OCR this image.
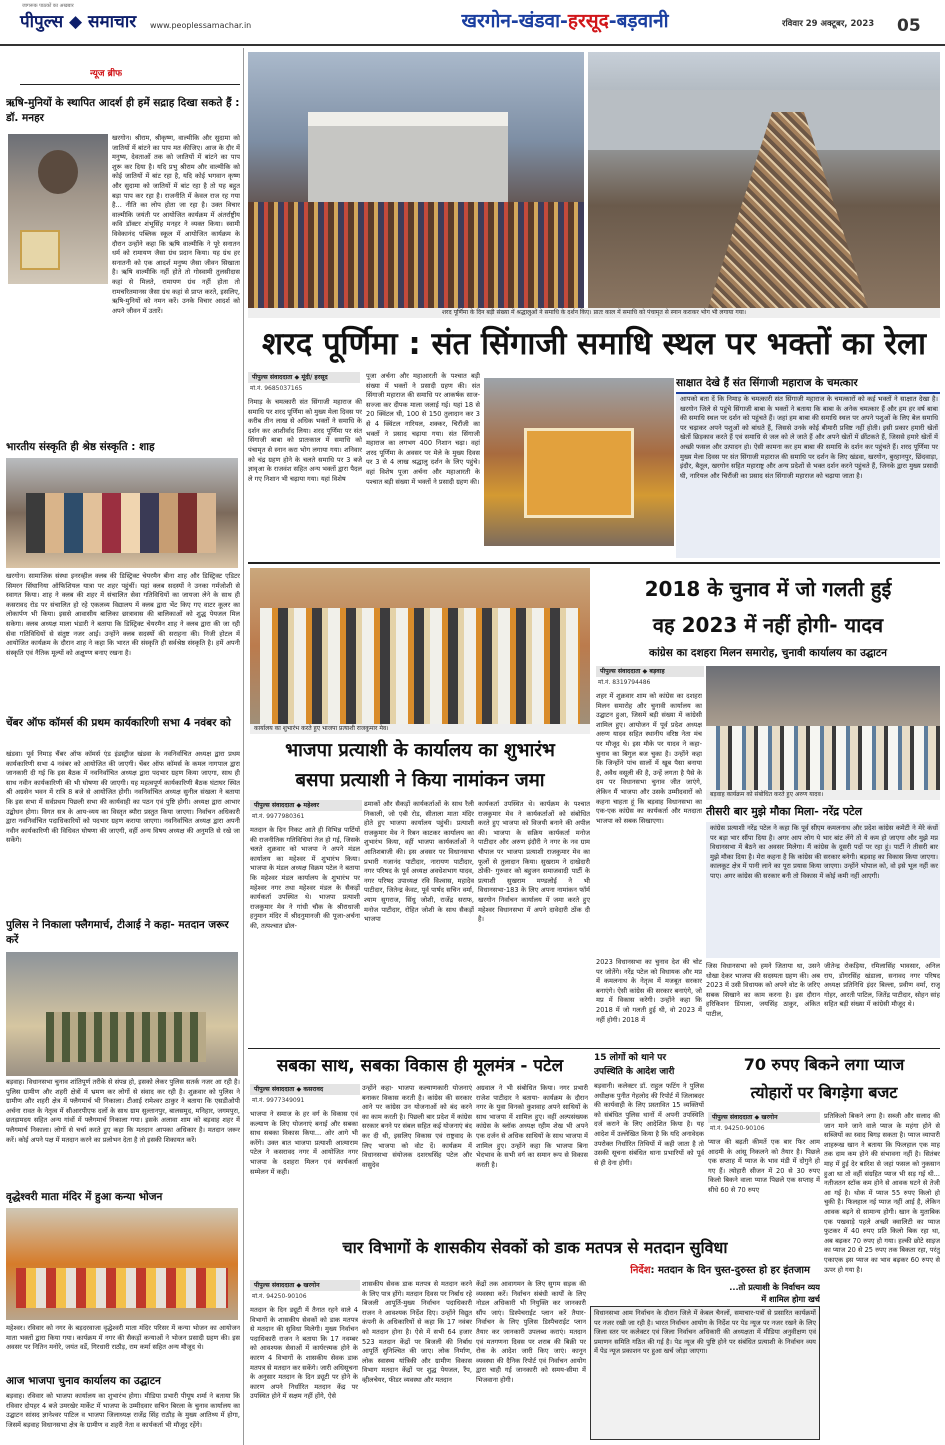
जागरूक पाठकों का अखबार
पीपुल्स ◆ समाचार	www.peoplessamachar.in	खरगोन-खंडवा-हरसूद-बड़वानी	रविवार 29 अक्टूबर, 2023 05
न्यूज ब्रीफ
ऋषि-मुनियों के स्थापित आदर्श ही हमें सद्राह दिखा सकते हैं : डॉ. मनहर
खरगोन। श्रीराम, श्रीकृष्ण, वाल्मीकि और सुदामा को जातियों में बांटने का पाप मत कीजिए। आज के दौर में मनुष्य, देवताओं तक को जातियों में बांटने का पाप शुरू कर दिया है। यदि प्रभु श्रीराम और वाल्मीकि को कोई जातियों में बांट रहा है, यदि कोई भगवान कृष्ण और सुदामा को जातियों में बांट रहा है तो यह बहुत बड़ा पाप कर रहा है। राजनीति में केवल राज रह गया है... नीति का लोप होता जा रहा है। उक्त विचार वाल्मीकि जयंती पर आयोजित कार्यक्रम में अंतर्राष्ट्रीय कवि डॉक्टर शंभूसिंह मनहर ने व्यक्त किया। स्वामी विवेकानंद पब्लिक स्कूल में आयोजित कार्यक्रम के दौरान उन्होंने कहा कि ऋषि वाल्मीकि ने पूरे सनातन धर्म को रामायण जैसा ग्रंथ प्रदान किया। यह ग्रंथ हर सनातनी को एक आदर्श मनुष्य जैसा जीवन सिखाता है। ऋषि वाल्मीकि नहीं होते तो गोस्वामी तुलसीदास कहां से मिलते, रामायण ग्रंथ नहीं होता तो रामचरितमानस जैसा ग्रंथ कहां से प्राप्त करते, इसलिए, ऋषि-मुनियों को नमन करें। उनके विचार आदर्श को अपने जीवन में उतारें।
भारतीय संस्कृति ही श्रेष्ठ संस्कृति : शाह
खरगोन। सामाजिक संस्था इनरव्हील क्लब की डिस्ट्रिक्ट चेयरमैन बीना शाह और डिस्ट्रिक्ट एडिटर सिमरन सिंघानिया ऑफिशियल यात्रा पर शहर पहुंचीं। यहां क्लब सदस्यों ने उनका गर्मजोशी से स्वागत किया। शाह ने क्लब की शहर में संचालित सेवा गतिविधियों का जायजा लेने के साथ ही कसरावद रोड पर संचालित हो रहे एकलव्य विद्यालय में क्लब द्वारा भेंट किए गए वाटर कूलर का लोकार्पण भी किया। इससे आवासीय बालिका छात्रावास की बालिकाओं को शुद्ध पेयजल मिल सकेगा। क्लब अध्यक्ष माला भंडारी ने बताया कि डिस्ट्रिक्ट चेयरमैन शाह ने क्लब द्वारा की जा रही सेवा गतिविधियों से संतुष्ट नजर आईं। उन्होंने क्लब सदस्यों की सराहना की। निजी होटल में आयोजित कार्यक्रम के दौरान शाह ने कहा कि भारत की संस्कृति ही सर्वश्रेष्ठ संस्कृति है। हमें अपनी संस्कृति एवं नैतिक मूल्यों को अक्षुण्ण बनाए रखना है।
चेंबर ऑफ कॉमर्स की प्रथम कार्यकारिणी सभा 4 नवंबर को
खंडवा। पूर्व निमाड़ चैंबर ऑफ कॉमर्स एंड इंडस्ट्रीज खंडवा के नवनिर्वाचित अध्यक्ष द्वारा प्रथम कार्यकारिणी सभा 4 नवंबर को आयोजित की जाएगी। चेंबर ऑफ कॉमर्स के कमल नागपाल द्वारा जानकारी दी गई कि इस बैठक में नवनिर्वाचित अध्यक्ष द्वारा पदभार ग्रहण किया जाएगा, साथ ही साथ नवीन कार्यकारिणी की भी घोषणा की जाएगी। यह महत्वपूर्ण कार्यकारिणी बैठक घंटाघर स्थित श्री अग्रसेन भवन में रात्रि 8 बजे से आयोजित होगी। नवनिर्वाचित अध्यक्ष सुनील संखला ने बताया कि इस सभा में सर्वप्रथम पिछली सभा की कार्यवाही का पठन एवं पुष्टि होगी। अध्यक्ष द्वारा आभार उद्बोधन होगा। विगत सत्र के आय-व्यय का विस्तृत ब्यौरा प्रस्तुत किया जाएगा। निर्वाचन अधिकारी द्वारा नवनिर्वाचित पदाधिकारियों को पदभार ग्रहण कराया जाएगा। नवनिर्वाचित अध्यक्ष द्वारा अपनी नवीन कार्यकारिणी की विधिवत घोषणा की जाएगी, वहीं अन्य विषय अध्यक्ष की अनुमति से रखे जा सकेंगे।
पुलिस ने निकाला फ्लैगमार्च, टीआई ने कहा- मतदान जरूर करें
बड़वाह। विधानसभा चुनाव शांतिपूर्ण तरीके से संपन्न हो, इसको लेकर पुलिस सतर्क नजर आ रही है। पुलिस ग्रामीण और शहरी क्षेत्रों में भ्रमण कर लोगों से संवाद कर रही है। शुक्रवार को पुलिस ने ग्रामीण और शहरी क्षेत्र में फ्लैगमार्च भी निकाला। टीआई रामेश्वर ठाकुर ने बताया कि एसडीओपी अर्चना रावत के नेतृत्व में सीआरपीएफ दलों के साथ ग्राम सुल्तानपुर, बालसमुद, मनिहार, जगमपुरा, छतड़ामदय सहित अन्य गांवों में फ्लैगमार्च निकाला गया। इसके अलावा शाम को बड़वाह शहर में फ्लैगमार्च निकाला। लोगों से चर्चा करते हुए कहा कि मतदान आपका अधिकार है। मतदान जरूर करें। कोई अपने पक्ष में मतदान करने का प्रलोभन देता है तो इसकी शिकायत करें।
वृद्धेश्वरी माता मंदिर में हुआ कन्या भोजन
महेश्वर। रविवार को नगर के बड़दरवाजा वृद्धेश्वरी माता मंदिर परिसर में कन्या भोजन का आयोजन माता भक्तों द्वारा किया गया। कार्यक्रम में नगर की सैकड़ों कन्याओं ने भोजन प्रसादी ग्रहण की। इस अवसर पर नितिन मनोरे, जयंत वर्डे, गिरधारी राठौड़, राम कर्मा सहित अन्य मौजूद थे।
आज भाजपा चुनाव कार्यालय का उद्घाटन
बड़वाह। रविवार को भाजपा कार्यालय का शुभारंभ होगा। मीडिया प्रभारी पीयूष शर्मा ने बताया कि रविवार दोपहर 4 बजे उमरखेर मार्केट में भाजपा के उम्मीदवार सचिन बिरला के चुनाव कार्यालय का उद्घाटन सांसद ज्ञानेश्वर पाटिल व भाजपा जिलाध्यक्ष राजेंद्र सिंह राठौड़ के मुख्य आतिथ्य में होगा, जिसमें बड़वाह विधानसभा क्षेत्र के ग्रामीण व शहरी नेता व कार्यकर्ता भी मौजूद रहेंगे।
शरद पूर्णिमा के दिन बड़ी संख्या में श्रद्धालुओं ने समाधि के दर्शन किए। प्रातः काल में समाधि को पंचामृत से स्नान कराकर भोग भी लगाया गया।
शरद पूर्णिमा : संत सिंगाजी समाधि स्थल पर भक्तों का रेला
पीपुल्स संवाददाता ◆ मूंदी/ हरसूद
मो.नं. 9685037165
निमाड़ के चमत्कारी संत सिंगाजी महाराज की समाधि पर शरद पूर्णिमा को मुख्य मेला दिवस पर करीब तीन लाख से अधिक भक्तों ने समाधि के दर्शन कर आशीर्वाद लिया। शरद पूर्णिमा पर संत सिंगाजी बाबा को प्रातःकाल में समाधि को पंचामृत से स्नान करा भोग लगाया गया। शनिवार को चंद्र ग्रहण होने के चलते समाधि पर 3 बजे ज्ञावृआ के राजवंश सहित अन्य भक्तों द्वारा पैदल ले गए निशान भी चढ़ाया गया। यहां विशेष
पूजा अर्चना और महाआरती के पश्चात बड़ी संख्या में भक्तों ने प्रसादी ग्रहण की। संत सिंगाजी महाराज की समाधि पर आकर्षक साज-सज्जा कर दीपक माला जलाई गई। यहां 18 से 20 क्विंटल घी, 100 से 150 तुलादान कर 3 से 4 क्विंटल नारियल, शक्कर, चिरौंजी का भक्तों ने प्रसाद चढ़ाया गया। संत सिंगाजी महाराज का लगभग 400 निशान चढ़ा। वहां शरद पूर्णिमा के अवसर पर मेले के मुख्य दिवस पर 3 से 4 लाख श्रद्धालु दर्शन के लिए पहुंचे। वहां विशेष पूजा अर्चना और महाआरती के पश्चात बड़ी संख्या में भक्तों ने प्रसादी ग्रहण की।
साक्षात देखे हैं संत सिंगाजी महाराज के चमत्कार
आपको बता दें कि निमाड़ के चमत्कारी संत सिंगाजी महाराज के चमत्कारों को कई भक्तों ने साक्षात देखा है। खरगोन जिले से पहुंचे सिंगाजी बाबा के भक्तों ने बताया कि बाबा के अनेक चमत्कार हैं और हम हर वर्ष बाबा की समाधि स्थल पर दर्शन को पहुंचते हैं। जहां हम बाबा की समाधि स्थल पर अपने पशुओं के लिए बेल समाधि पर चढ़ाकर अपने पशुओं को बांधते हैं, जिससे उनके कोई बीमारी प्रविष्ट नहीं होती। इसी प्रकार हमारी खेतों खेतों छिड़काव करते हैं एवं समाधि से जल को ले जाते हैं और अपने खेतों में छींटकते हैं, जिससे हमारे खेतों में अच्छी फसल और उत्पादन हो। ऐसी कामना कर हम बाबा की समाधि के दर्शन कर पहुंचते हैं। शरद पूर्णिमा पर मुख्य मेला दिवस पर संत सिंगाजी महाराज की समाधि पर दर्शन के लिए खंडवा, खरगोन, बुरहानपुर, छिंदवाड़ा, इंदौर, बैतूल, खरगोन सहित महाराष्ट्र और अन्य प्रदेशों से भक्त दर्शन करने पहुंचते हैं, जिनके द्वारा मुख्य प्रसादी घी, नारियल और चिरौंजी का प्रसाद संत सिंगाजी महाराज को चढ़ाया जाता है।
कार्यालय का शुभारंभ करते हुए भाजपा प्रत्याशी राजकुमार मेव।
भाजपा प्रत्याशी के कार्यालय का शुभारंभ
बसपा प्रत्याशी ने किया नामांकन जमा
पीपुल्स संवाददाता ◆ महेश्वर
मो.नं. 9977980361
मतदान के दिन निकट आते ही विभिन्न पार्टियों की राजनीतिक गतिविधियां तेज हो गई, जिसके चलते शुक्रवार को भाजपा ने अपने मंडल कार्यालय का महेश्वर में शुभारंभ किया। भाजपा के मंडल अध्यक्ष विक्रम पटेल ने बताया कि महेश्वर मंडल कार्यालय के शुभारंभ पर महेश्वर नगर तथा महेश्वर मंडल के सैकड़ों कार्यकर्ता उपस्थित थे। भाजपा प्रत्याशी राजकुमार मेव ने गांधी चौक के श्रीराधाजी हनुमान मंदिर में श्रीदनुमानजी की पूजा-अर्चना की, तत्पश्चात ढोल-
ढमाकों और सैकड़ों कार्यकर्ताओं के साथ रैली निकाली, जो एबी रोड, सीताला माता मंदिर होते हुए भाजपा कार्यालय पहुंची। प्रत्याशी राजकुमार मेव ने रिबन काटकर कार्यालय का शुभारंभ किया, वहीं भाजपा कार्यकर्ताओं ने आतिशबाजी की। इस अवसर पर विधानसभा प्रभारी गजानंद पाटीदार, नारायण पाटीदार, नगर परिषद के पूर्व अध्यक्ष अवधेशभाग यादव, नगर परिषद उपाध्यक्ष रवि विश्वास, महादेव पाटीदार, जितेन्द्र केवट, पूर्व पार्षद सचिन वर्मा, श्याम सुगराज, सिंधु जोशी, राजेंद्र सराफ, मनोज पाटीदार, रोहित जोशी के साथ सैकड़ों भाजपा
कार्यकर्ता उपस्थित थे। कार्यक्रम के पश्चात राजकुमार मेव ने कार्यकर्ताओं को संबोधित करते हुए भाजपा को विजयी बनाने की अपील की। भाजपा के सक्रिय कार्यकर्ता मनोज पाटीदार और अरुण इंदौरी ने नगर के नव ग्राम चौपाल पर भाजपा प्रत्याशी राजकुमार मेव का फूलों से तुलादान किया। सुखराम ने दाखेदारी ठोकी- गुरुवार को बहुजन समाजवादी पार्टी के प्रत्याशी सुखराम मण्डलोई ने भी विधानसभा-183 के लिए अपना नामांकन फॉर्म खरगोन निर्वाचन कार्यालय में जमा करते हुए महेश्वर विधानसभा में अपने दावेदारी ठोंक दी है।
2018 के चुनाव में जो गलती हुई
वह 2023 में नहीं होगी- यादव
कांग्रेस का दशहरा मिलन समारोह, चुनावी कार्यालय का उद्घाटन
पीपुल्स संवाददाता ◆ बड़वाह
मो.नं. 8319794486
शहर में शुक्रवार शाम को कांग्रेस का दशहरा मिलन समारोह और चुनावी कार्यालय का उद्घाटन हुआ, जिसमें बड़ी संख्या में कांग्रेसी शामिल हुए। आयोजन में पूर्व प्रदेश अध्यक्ष अरुण यादव सहित स्थानीय वरिष्ठ नेता मंच पर मौजूद थे। इस मौके पर यादव ने कहा- चुनाव का बिगुल बज चुका है। उन्होंने कहा कि जिन्होंने पांच सालों में खूब पैसा बनाया है, अवैध वसूली की है, उन्हें लगता है पैसे के दम पर विधानसभा चुनाव जीत जाएंगे, लेकिन मैं भाजपा और उसके उम्मीदवारों को कहना चाहता हूं कि बड़वाह विधानसभा का एक-एक कांग्रेस का कार्यकर्ता और मतदाता भाजपा को सबक सिखाएगा।
बड़वाह कार्यक्रम को संबोधित करते हुए अरुण यादव।
तीसरी बार मुझे मौका मिला- नरेंद्र पटेल
कांग्रेस प्रत्याशी नरेंद्र पटेल ने कहा कि पूर्व सीएम कमलनाथ और प्रदेश कांग्रेस कमेटी ने मेरे कंधों पर बड़ा भार सौंपा दिया है। अगर आप लोग ये भार बांट लेंगे तो ये कम हो जाएगा और मुझे मप्र विधानसभा में बैठने का अवसर मिलेगा। मैं कांग्रेस के दूसरी पदों पर रहा हूं। पार्टी ने तीसरी बार मुझे मौका दिया है। मेरा कहना है कि कांग्रेस की सरकार बनेगी। बड़वाह का विकास किया जाएगा। कालकूट क्षेत्र में पानी लाने का पूरा प्रयास किया जाएगा। उन्होंने भोपाल को, वो इसे भूल नहीं कर पाए। अगर कांग्रेस की सरकार बनी तो विकास में कोई कमी नहीं आएगी।
2023 विधानसभा का चुनाव देश की चोट पर जोतेंगे। नरेंद्र पटेल को विधायक और मप्र में कमलनाथ के नेतृत्व में मजबूत सरकार बनाएंगे। ऐसी कांग्रेस की सरकार बनाएंगे, जो मप्र में विकास करेगी। उन्होंने कहा कि 2018 में जो गलती हुई थी, वो 2023 में नहीं होगी। 2018 में
जिस विधानसभा को हमने जिताया था, उसने धोखा देकर भाजपा की सदस्यता ग्रहण की। अब 2023 में उसी विधायक को अपने वोट के जरिए सबक सिखाने का काम करना है। इस दौरान हरिकिशन डिंपाला, जयसिंह ठाकुर, अंकित पाटील,
जीतेन्द्र रोकड़िया, रमिलासिंह भावसार, अनिल राय, डोंगरसिंह खंडाला, सनावद नगर परिषद अध्यक्ष प्रतिनिधि इंदर बिल्ला, प्रवीण वर्मा, राजू गोहर, आरती पाटिल, जितेंद्र पाटीदार, सोहन सांह सहित बड़ी संख्या में कांग्रेसी मौजूद थे।
सबका साथ, सबका विकास ही मूलमंत्र - पटेल
पीपुल्स संवाददाता ◆ कसरावद
मो.नं. 9977349091
भाजपा ने समाज के हर वर्ग के विकास एवं कल्याण के लिए योजनाएं बनाई और सबका साथ सबका विकास किया... ओर आगे भी करेंगे। उक्त बात भाजपा प्रत्याशी आत्माराम पटेल ने कसरावद नगर में आयोजित नगर भाजपा के दशहरा मिलन एवं कार्यकर्ता सम्मेलन में कही।
उन्होंने कहा- भाजपा कल्याणकारी योजनाएं बनाकर विकास करती है। कांग्रेस की सरकार आने पर कांग्रेस उन योजनाओं को बंद करने का काम करती है। पिछली बार प्रदेश में कांग्रेस सरकार बनने पर संबल सहित कई योजनाएं बंद कर दी थी, इसलिए विकास एवं राष्ट्रवाद के लिए भाजपा को वोट दें। कार्यक्रम में विधानसभा संयोजक दशरथसिंह पटेल और वासुदेव
अग्रवाल ने भी संबोधित किया। नगर प्रभारी राजेश पाटीदार ने बताया- कार्यक्रम के दौरान नगर के युवा विनको कुशवाह अपने साथियों के साथ भाजपा में शामिल हुए। वहीं अल्पसंख्यक कांग्रेस के ब्लॉक अध्यक्ष रहीम शेख भी अपने एक दर्जन से अधिक साथियों के साथ भाजपा में शामिल हुए। उन्होंने कहा कि भाजपा बिना भेदभाव के सभी वर्ग का समान रूप से विकास करती है।
15 लोगों को थाने पर
उपस्थिति के आदेश जारी
बड़वानी। कलेक्टर डॉ. राहुल फटिंग ने पुलिस अधीक्षक पुनीत गेहलोद की रिपोर्ट में जिलाबदर की कार्यवाही के लिए प्रस्तावित 15 व्यक्तियों को संबंधित पुलिस थानों में अपनी उपस्थिति दर्ज कराने के लिए आदेशित किया है। यह आदेश में उल्लेखित किया है कि यदि अनावेदक उपरोक्त निर्धारित तिथियों में कही जाता है तो उसकी सूचना संबंधित थाना प्रभारियों को पूर्व से ही देना होगी।
70 रुपए बिकने लगा प्याज
त्योहारों पर बिगड़ेगा बजट
पीपुल्स संवाददाता ◆ खरगोन
मो.नं. 94250-90106
प्याज की बढ़ती कीमतें एक बार फिर आम आदमी के आंसू निकलने को तैयार है। पिछले एक सप्ताह में प्याज के भाव मंडी में दोगुने हो गए हैं। त्योहारी सीजन में 20 से 30 रुपए किलो बिकने वाला प्याज पिछले एक सप्ताह में सीधे 60 से 70 रुपए
प्रतिकिलो बिकने लगा है। सब्जी और सलाद की जान माने जाने वाले प्याज के महंगा होने से सब्जियों का स्वाद बिगड़ सकता है। प्याज व्यापारी शाहरूख खान ने बताया कि फिलहाल एक माह तक दाम कम होने की संभावना नहीं है। सितंबर माह में हुई देर बारिश से जहां फसल को नुकसान हुआ था तो वहीं संग्रहित प्याज भी सड़ गई थी... नतीजतन स्टॉक कम होने से आवक घटने से तेजी आ गई है। थोक में प्याज 55 रुपए किलो हो चुकी है। फिलहाल नई प्याज नहीं आई है, लेकिन आवक बढ़ने से सामान्य होगी। खान के मुताबिक एक पखवाड़े पहले अच्छी क्वालिटी का प्याज फुटकर में 40 रुपए प्रति किलो बिक रहा था, अब बढ़कर 70 रुपए हो गया। हल्की छोटे साइज का प्याज 20 से 25 रुपए तक बिकता रहा, परंतु एकाएक इस प्याज का भाव बढ़कर 60 रुपए से ऊपर हो गया है।
चार विभागों के शासकीय सेवकों को डाक मतपत्र से मतदान सुविधा
निर्देश: मतदान के दिन चुस्त-दुरुस्त हो हर इंतजाम
पीपुल्स संवाददाता ◆ खरगोन
मो.नं. 94250-90106
मतदान के दिन ड्यूटी में तैनात रहने वाले 4 विभागों के शासकीय सेवकों को डाक मतपत्र से मतदान की सुविधा मिलेगी। मुख्य निर्वाचन पदाधिकारी राजन ने बताया कि 17 नवम्बर को आवश्यक सेवाओं में कार्यरत्त्मक होने के कारण 4 विभागों के शासकीय सेवक डाक मतपत्र से मतदान कर सकेंगे। जारी अधिसूचना के अनुसार मतदान के दिन ड्यूटी पर होने के कारण अपने निर्धारित मतदान केंद्र पर उपस्थित होने में सक्षम नहीं होंगे, ऐसे
शासकीय सेवक डाक मतपत्र से मतदान करने के लिए पात्र होंगे। मतदान दिवस पर निर्बाध रहे बिजली आपूर्ति-मुख्य निर्वाचन पदाधिकारी राजन ने आवश्यक निर्देश दिए। उन्होंने विद्युत कंपनी के अधिकारियों से कहा कि 17 नवंबर को मतदान होना है। ऐसे में सभी 64 हजार 523 मतदान केंद्रों पर बिजली की निर्बाध आपूर्ति सुनिश्चित की जाए। लोक निर्माण, लोक स्वास्थ्य यांत्रिकी और ग्रामीण विकास विभाग मतदान केंद्रों पर शुद्ध पेयजल, रैंप, व्हीलचेयर, फीडर व्यवस्था और मतदान
केंद्रों तक आवागमन के लिए सुगम सड़क की व्यवस्था करें। निर्वाचन संबंधी कार्यों के लिए नोडल अधिकारी भी नियुक्ति कर जानकारी सौंप जाएं। डिस्पेचराईट प्लान करें तैयार-निर्वाचन के लिए पुलिस डिस्पैचराईट प्लान तैयार कर जानकारी उपलब्ध कराएं। मतदान एवं मतगणना दिवस पर शराब की बिक्री पर रोक के आदेश जारी किए जाएं। कानून व्यवस्था की दैनिक रिपोर्ट एवं निर्वाचन आयोग द्वारा चाही गई जानकारी को समय-सीमा में भिजवाना होगी।
...तो प्रत्याशी के निर्वाचन व्यय
में शामिल होगा खर्च
विधानसभा आम निर्वाचन के दौरान जिले में केबल चैनलों, समाचार-पत्रों से प्रसारित कार्यक्रमों पर नजर रखी जा रही है। भारत निर्वाचन आयोग के निर्देश पर पेड न्यूज पर नजर रखने के लिए जिला स्तर पर कलेक्टर एवं जिला निर्वाचन अधिकारी की अध्यक्षता में मीडिया अनुवीक्षण एवं प्रमाणन समिति गठित की गई है। पेड न्यूज की पुष्टि होने पर संबंधित प्रत्याशी के निर्वाचन व्यय में पेड न्यूज प्रकाशन पर हुआ खर्च जोड़ा जाएगा।
